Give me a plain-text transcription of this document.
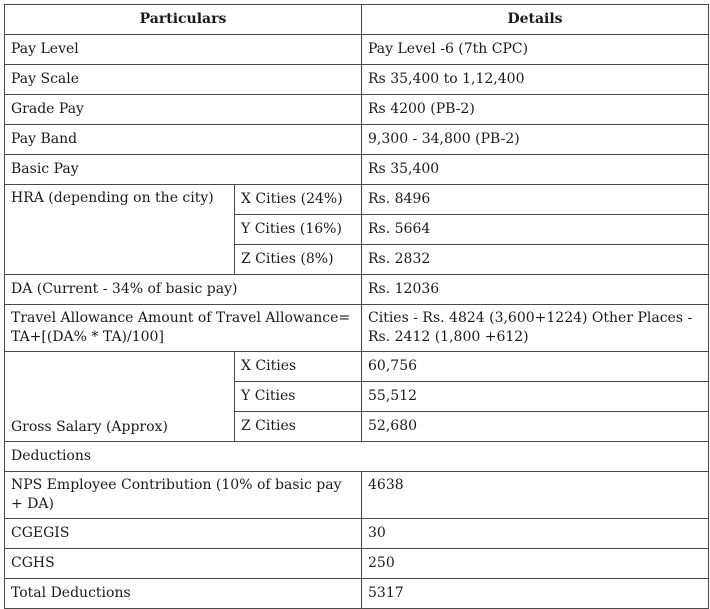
Particulars		Details
Pay Level		Pay Level -6 (7th CPC)
Pay Scale		Rs 35,400 to 1,12,400
Grade Pay		Rs 4200 (PB-2)
Pay Band		9,300 - 34,800 (PB-2)
Basic Pay		Rs 35,400
HRA (depending on the city)	X Cities (24%)	Rs. 8496
	Y Cities (16%)	Rs. 5664
	Z Cities (8%)	Rs. 2832
DA (Current - 34% of basic pay)		Rs. 12036
Travel Allowance Amount of Travel Allowance= TA+[(DA% * TA)/100]		Cities - Rs. 4824 (3,600+1224) Other Places - Rs. 2412 (1,800 +612)
Gross Salary (Approx)	X Cities	60,756
	Y Cities	55,512
	Z Cities	52,680
Deductions		
NPS Employee Contribution (10% of basic pay + DA)		4638
CGEGIS		30
CGHS		250
Total Deductions		5317
